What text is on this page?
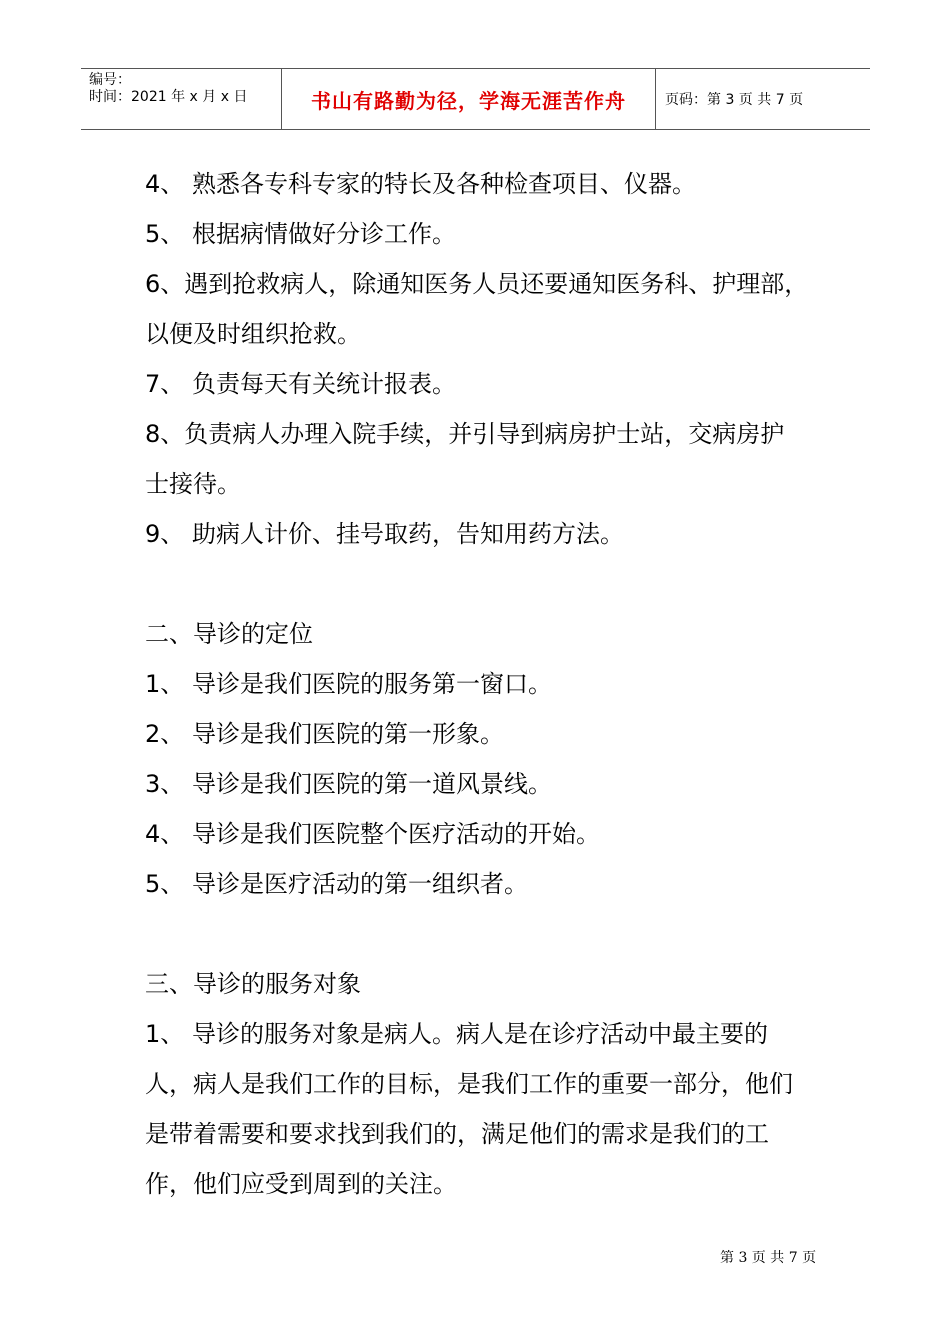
编号：
时间：2021 年 x 月 x 日	书山有路勤为径，学海无涯苦作舟	页码：第 3 页 共 7 页
4、 熟悉各专科专家的特长及各种检查项目、仪器。
5、 根据病情做好分诊工作。
6、遇到抢救病人，除通知医务人员还要通知医务科、护理部，
以便及时组织抢救。
7、 负责每天有关统计报表。
8、负责病人办理入院手续，并引导到病房护士站，交病房护
士接待。
9、 助病人计价、挂号取药，告知用药方法。
二、导诊的定位
1、 导诊是我们医院的服务第一窗口。
2、 导诊是我们医院的第一形象。
3、 导诊是我们医院的第一道风景线。
4、 导诊是我们医院整个医疗活动的开始。
5、 导诊是医疗活动的第一组织者。
三、导诊的服务对象
1、 导诊的服务对象是病人。病人是在诊疗活动中最主要的
人，病人是我们工作的目标，是我们工作的重要一部分，他们
是带着需要和要求找到我们的，满足他们的需求是我们的工
作，他们应受到周到的关注。
第 3 页 共 7 页
